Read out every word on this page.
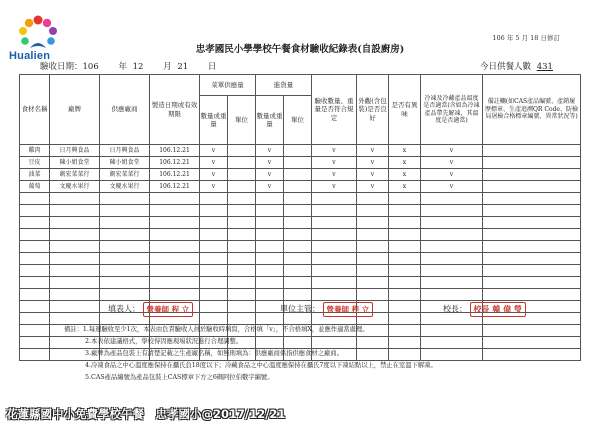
Hualien
106 年 5 月 18 日修訂
忠孝國民小學學校午餐食材驗收紀錄表(自設廚房)
驗收日期：106 年 12 月 21 日	今日供餐人數 431
食材名稱	廠牌	供應廠商	製造日期或有效期限	菜單供應量		進貨量		驗收數量、重量是否符合規定	外觀(含包裝)是否良好	是否有異味	冷凍及冷藏產品溫度是否適當(含如為冷凍產品帶先解凍，其溫度是否適當)	備註欄(如CAS產品編號、產銷履歷標章、生產追溯QR Code、防檢局屠檢合格標章編號、異常狀況等)
				數量或重量	單位	數量或重量	單位					
雞肉	日月興食品	日月興食品	106.12.21	v		v		v	v	x	v	
豆皮	陳小姐食堂	陳小姐食堂	106.12.21	v		v		v	v	x	v	
油菜	劍宏菜菜行	劍宏菜菜行	106.12.21	v		v		v	v	x	v	
葡萄	文慶水果行	文慶水果行	106.12.21	v		v		v	v	x	v	

填表人： 營養師 程 立	單位主管： 營養師 程 立	校長： 校長 韓 偉 瑩
備註：1.每週驗收至少1次，本表由負責驗收人員於驗收時填寫，合格填「v」，不合格填X，並應作適當處理。
2.本表依建議格式，學校得因應現場狀況進行合理調整。
3.廠牌為產品包裝上有清楚記載之生產廠名稱，如無則填為：供應廠商係指供應食材之廠商。
4.冷凍食品之中心溫度應保持在攝氏負18度以下；冷藏食品之中心溫度應保持在攝氏7度以下凍結點以上，禁止在室溫下解凍。
5.CAS產品編號為產品包裝上CAS標章下方之6碼阿拉伯數字編號。
花蓮縣國中小免費學校午餐　忠孝國小@2017/12/21
